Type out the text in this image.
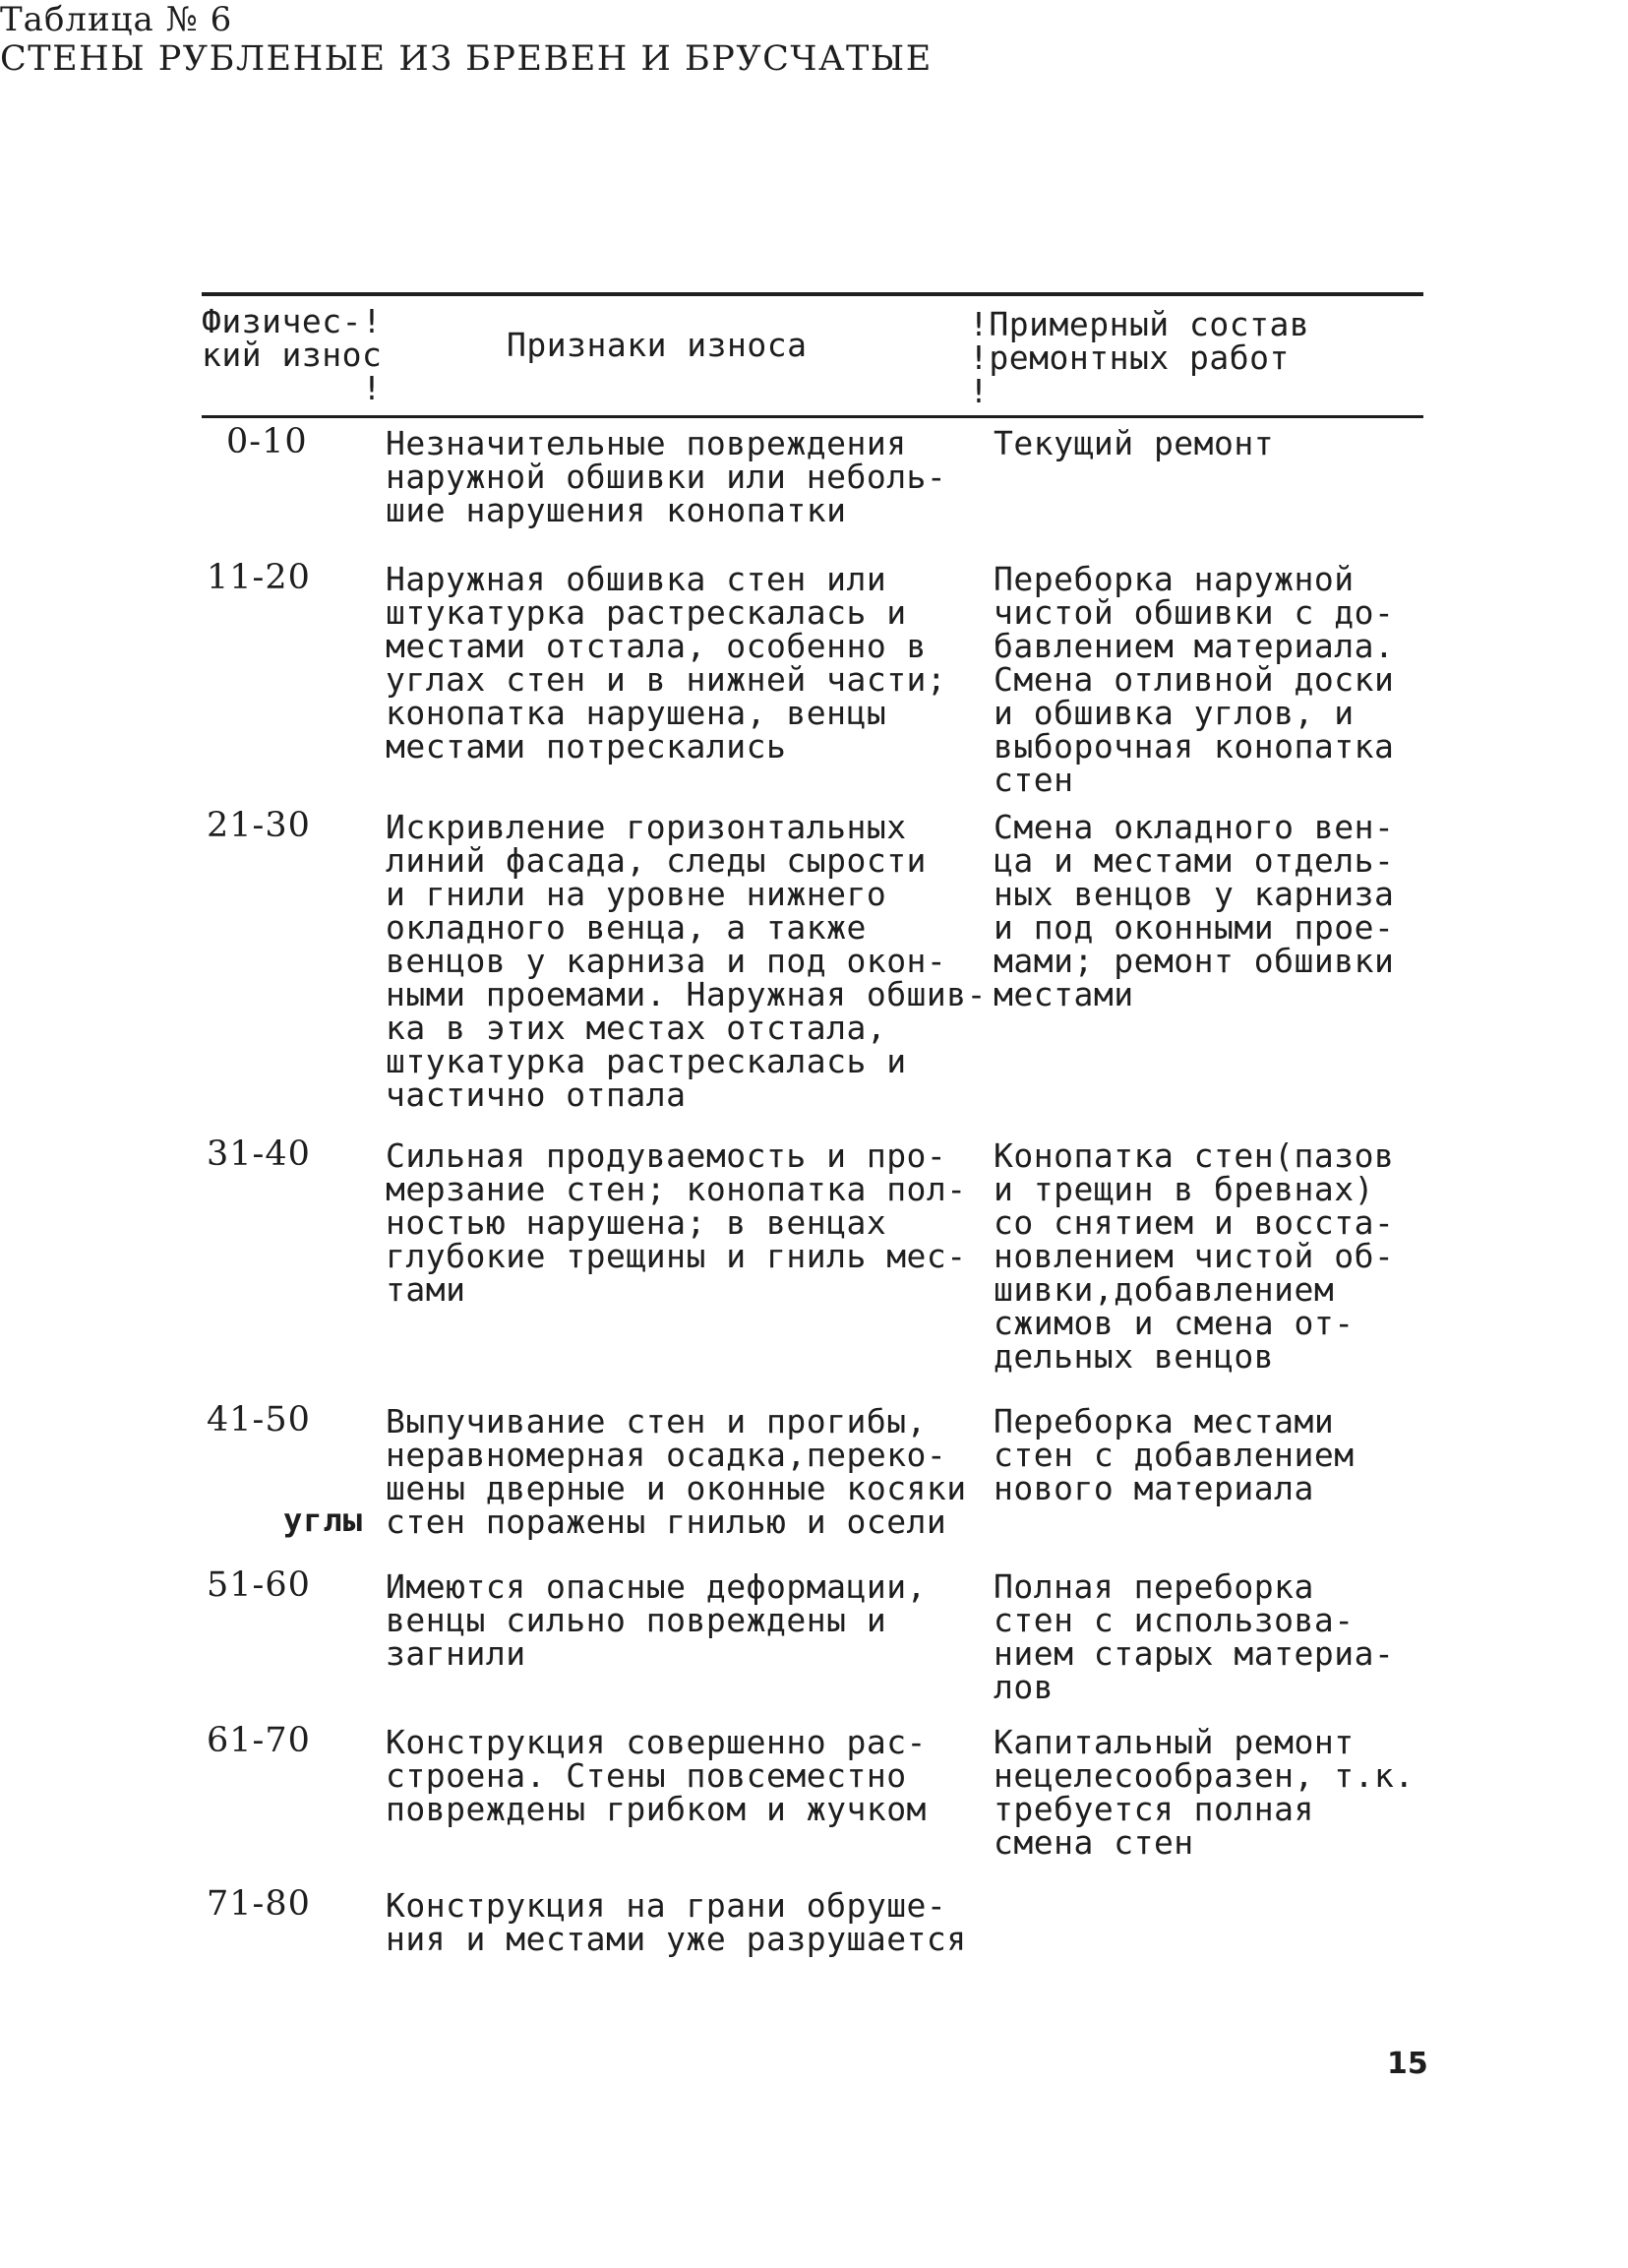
Таблица № 6
СТЕНЫ РУБЛЕНЫЕ ИЗ БРЕВЕН И БРУСЧАТЫЕ
Физичес-!
кий износ
!
Признаки износа
!Примерный состав
!ремонтных работ
!
0-10 Незначительные повреждения
наружной обшивки или неболь-
шие нарушения конопатки
Текущий ремонт
11-20 Наружная обшивка стен или
штукатурка растрескалась и
местами отстала, особенно в
углах стен и в нижней части;
конопатка нарушена, венцы
местами потрескались
Переборка наружной
чистой обшивки с до-
бавлением материала.
Смена отливной доски
и обшивка углов, и
выборочная конопатка
стен
21-30 Искривление горизонтальных
линий фасада, следы сырости
и гнили на уровне нижнего
окладного венца, а также
венцов у карниза и под окон-
ными проемами. Наружная обшив-
ка в этих местах отстала,
штукатурка растрескалась и
частично отпала
Смена окладного вен-
ца и местами отдель-
ных венцов у карниза
и под оконными прое-
мами; ремонт обшивки
местами
31-40 Сильная продуваемость и про-
мерзание стен; конопатка пол-
ностью нарушена; в венцах
глубокие трещины и гниль мес-
тами
Конопатка стен(пазов
и трещин в бревнах)
со снятием и восста-
новлением чистой об-
шивки,добавлением
сжимов и смена от-
дельных венцов
41-50
углы
Выпучивание стен и прогибы,
неравномерная осадка,переко-
шены дверные и оконные косяки
стен поражены гнилью и осели
Переборка местами
стен с добавлением
нового материала
51-60 Имеются опасные деформации,
венцы сильно повреждены и
загнили
Полная переборка
стен с использова-
нием старых материа-
лов
61-70 Конструкция совершенно рас-
строена. Стены повсеместно
повреждены грибком и жучком
Капитальный ремонт
нецелесообразен, т.к.
требуется полная
смена стен
71-80 Конструкция на грани обруше-
ния и местами уже разрушается
15
